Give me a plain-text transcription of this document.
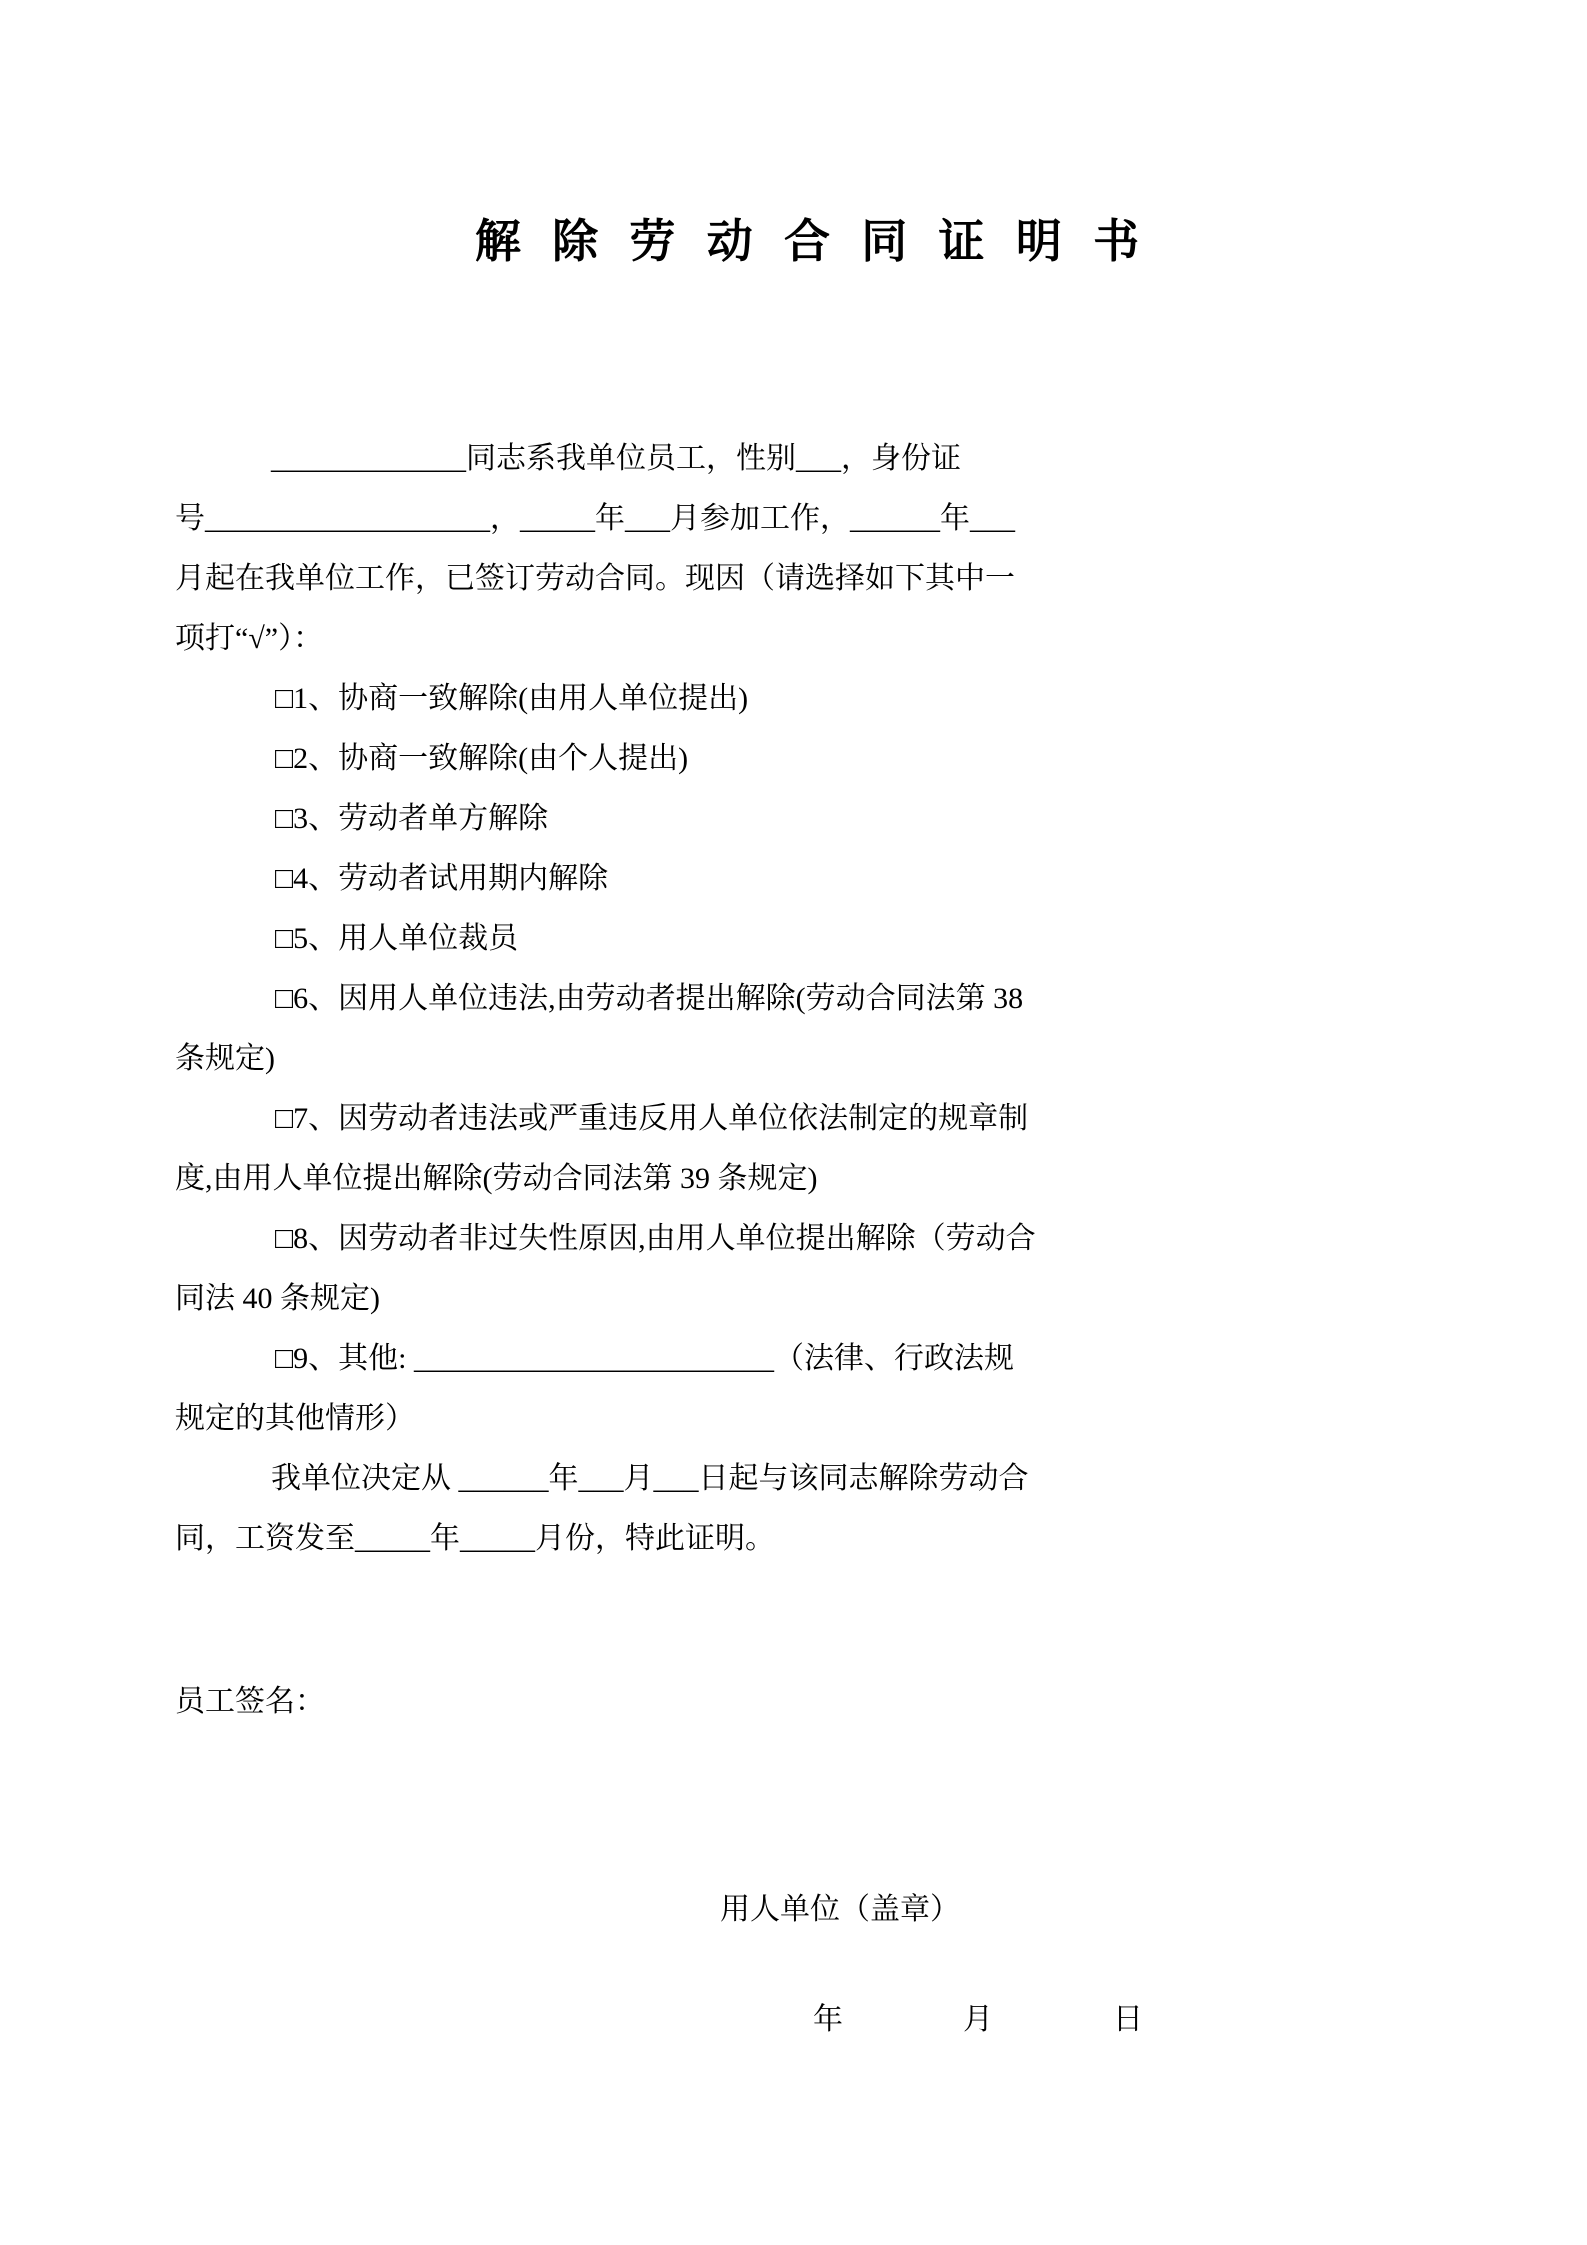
解除劳动合同证明书
_____________同志系我单位员工，性别___，身份证
号___________________，_____年___月参加工作，______年___
月起在我单位工作，已签订劳动合同。现因（请选择如下其中一
项打“√”）：
□1、协商一致解除(由用人单位提出)
□2、协商一致解除(由个人提出)
□3、劳动者单方解除
□4、劳动者试用期内解除
□5、用人单位裁员
□6、因用人单位违法,由劳动者提出解除(劳动合同法第 38
条规定)
□7、因劳动者违法或严重违反用人单位依法制定的规章制
度,由用人单位提出解除(劳动合同法第 39 条规定)
□8、因劳动者非过失性原因,由用人单位提出解除（劳动合
同法 40 条规定)
□9、其他: ________________________（法律、行政法规
规定的其他情形）
我单位决定从 ______年___月___日起与该同志解除劳动合
同，工资发至_____年_____月份，特此证明。
员工签名：
用人单位（盖章）
年　　　　月　　　　日
